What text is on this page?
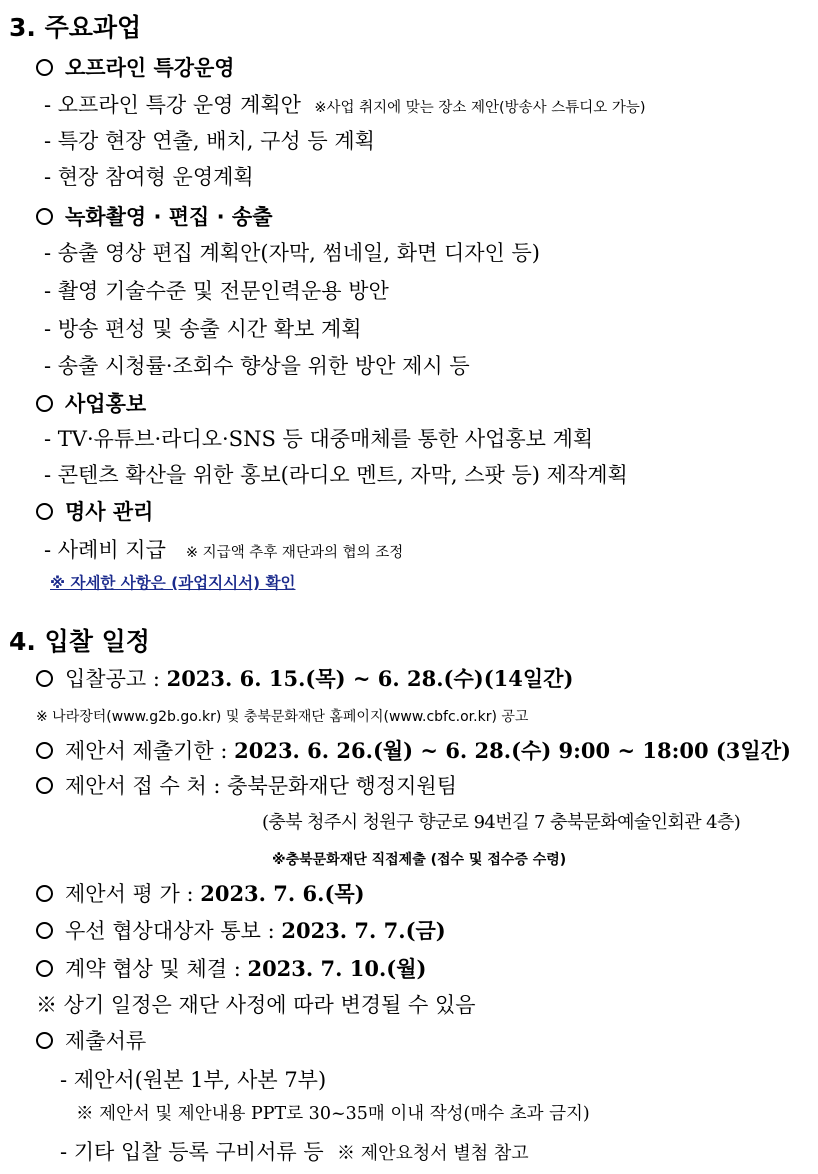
3. 주요과업
오프라인 특강운영
- 오프라인 특강 운영 계획안 ※사업 취지에 맞는 장소 제안(방송사 스튜디오 가능)
- 특강 현장 연출, 배치, 구성 등 계획
- 현장 참여형 운영계획
녹화촬영 · 편집 · 송출
- 송출 영상 편집 계획안(자막, 썸네일, 화면 디자인 등)
- 촬영 기술수준 및 전문인력운용 방안
- 방송 편성 및 송출 시간 확보 계획
- 송출 시청률·조회수 향상을 위한 방안 제시 등
사업홍보
- TV·유튜브·라디오·SNS 등 대중매체를 통한 사업홍보 계획
- 콘텐츠 확산을 위한 홍보(라디오 멘트, 자막, 스팟 등) 제작계획
명사 관리
- 사례비 지급 ※ 지급액 추후 재단과의 협의 조정
※ 자세한 사항은 (과업지시서) 확인
4. 입찰 일정
입찰공고 : 2023. 6. 15.(목) ~ 6. 28.(수)(14일간)
※ 나라장터(www.g2b.go.kr) 및 충북문화재단 홈페이지(www.cbfc.or.kr) 공고
제안서 제출기한 : 2023. 6. 26.(월) ~ 6. 28.(수) 9:00 ~ 18:00 (3일간)
제안서 접 수 처 : 충북문화재단 행정지원팀
(충북 청주시 청원구 향군로 94번길 7 충북문화예술인회관 4층)
※충북문화재단 직접제출 (접수 및 접수증 수령)
제안서 평 가 : 2023. 7. 6.(목)
우선 협상대상자 통보 : 2023. 7. 7.(금)
계약 협상 및 체결 : 2023. 7. 10.(월)
※ 상기 일정은 재단 사정에 따라 변경될 수 있음
제출서류
- 제안서(원본 1부, 사본 7부)
※ 제안서 및 제안내용 PPT로 30~35매 이내 작성(매수 초과 금지)
- 기타 입찰 등록 구비서류 등 ※ 제안요청서 별첨 참고
